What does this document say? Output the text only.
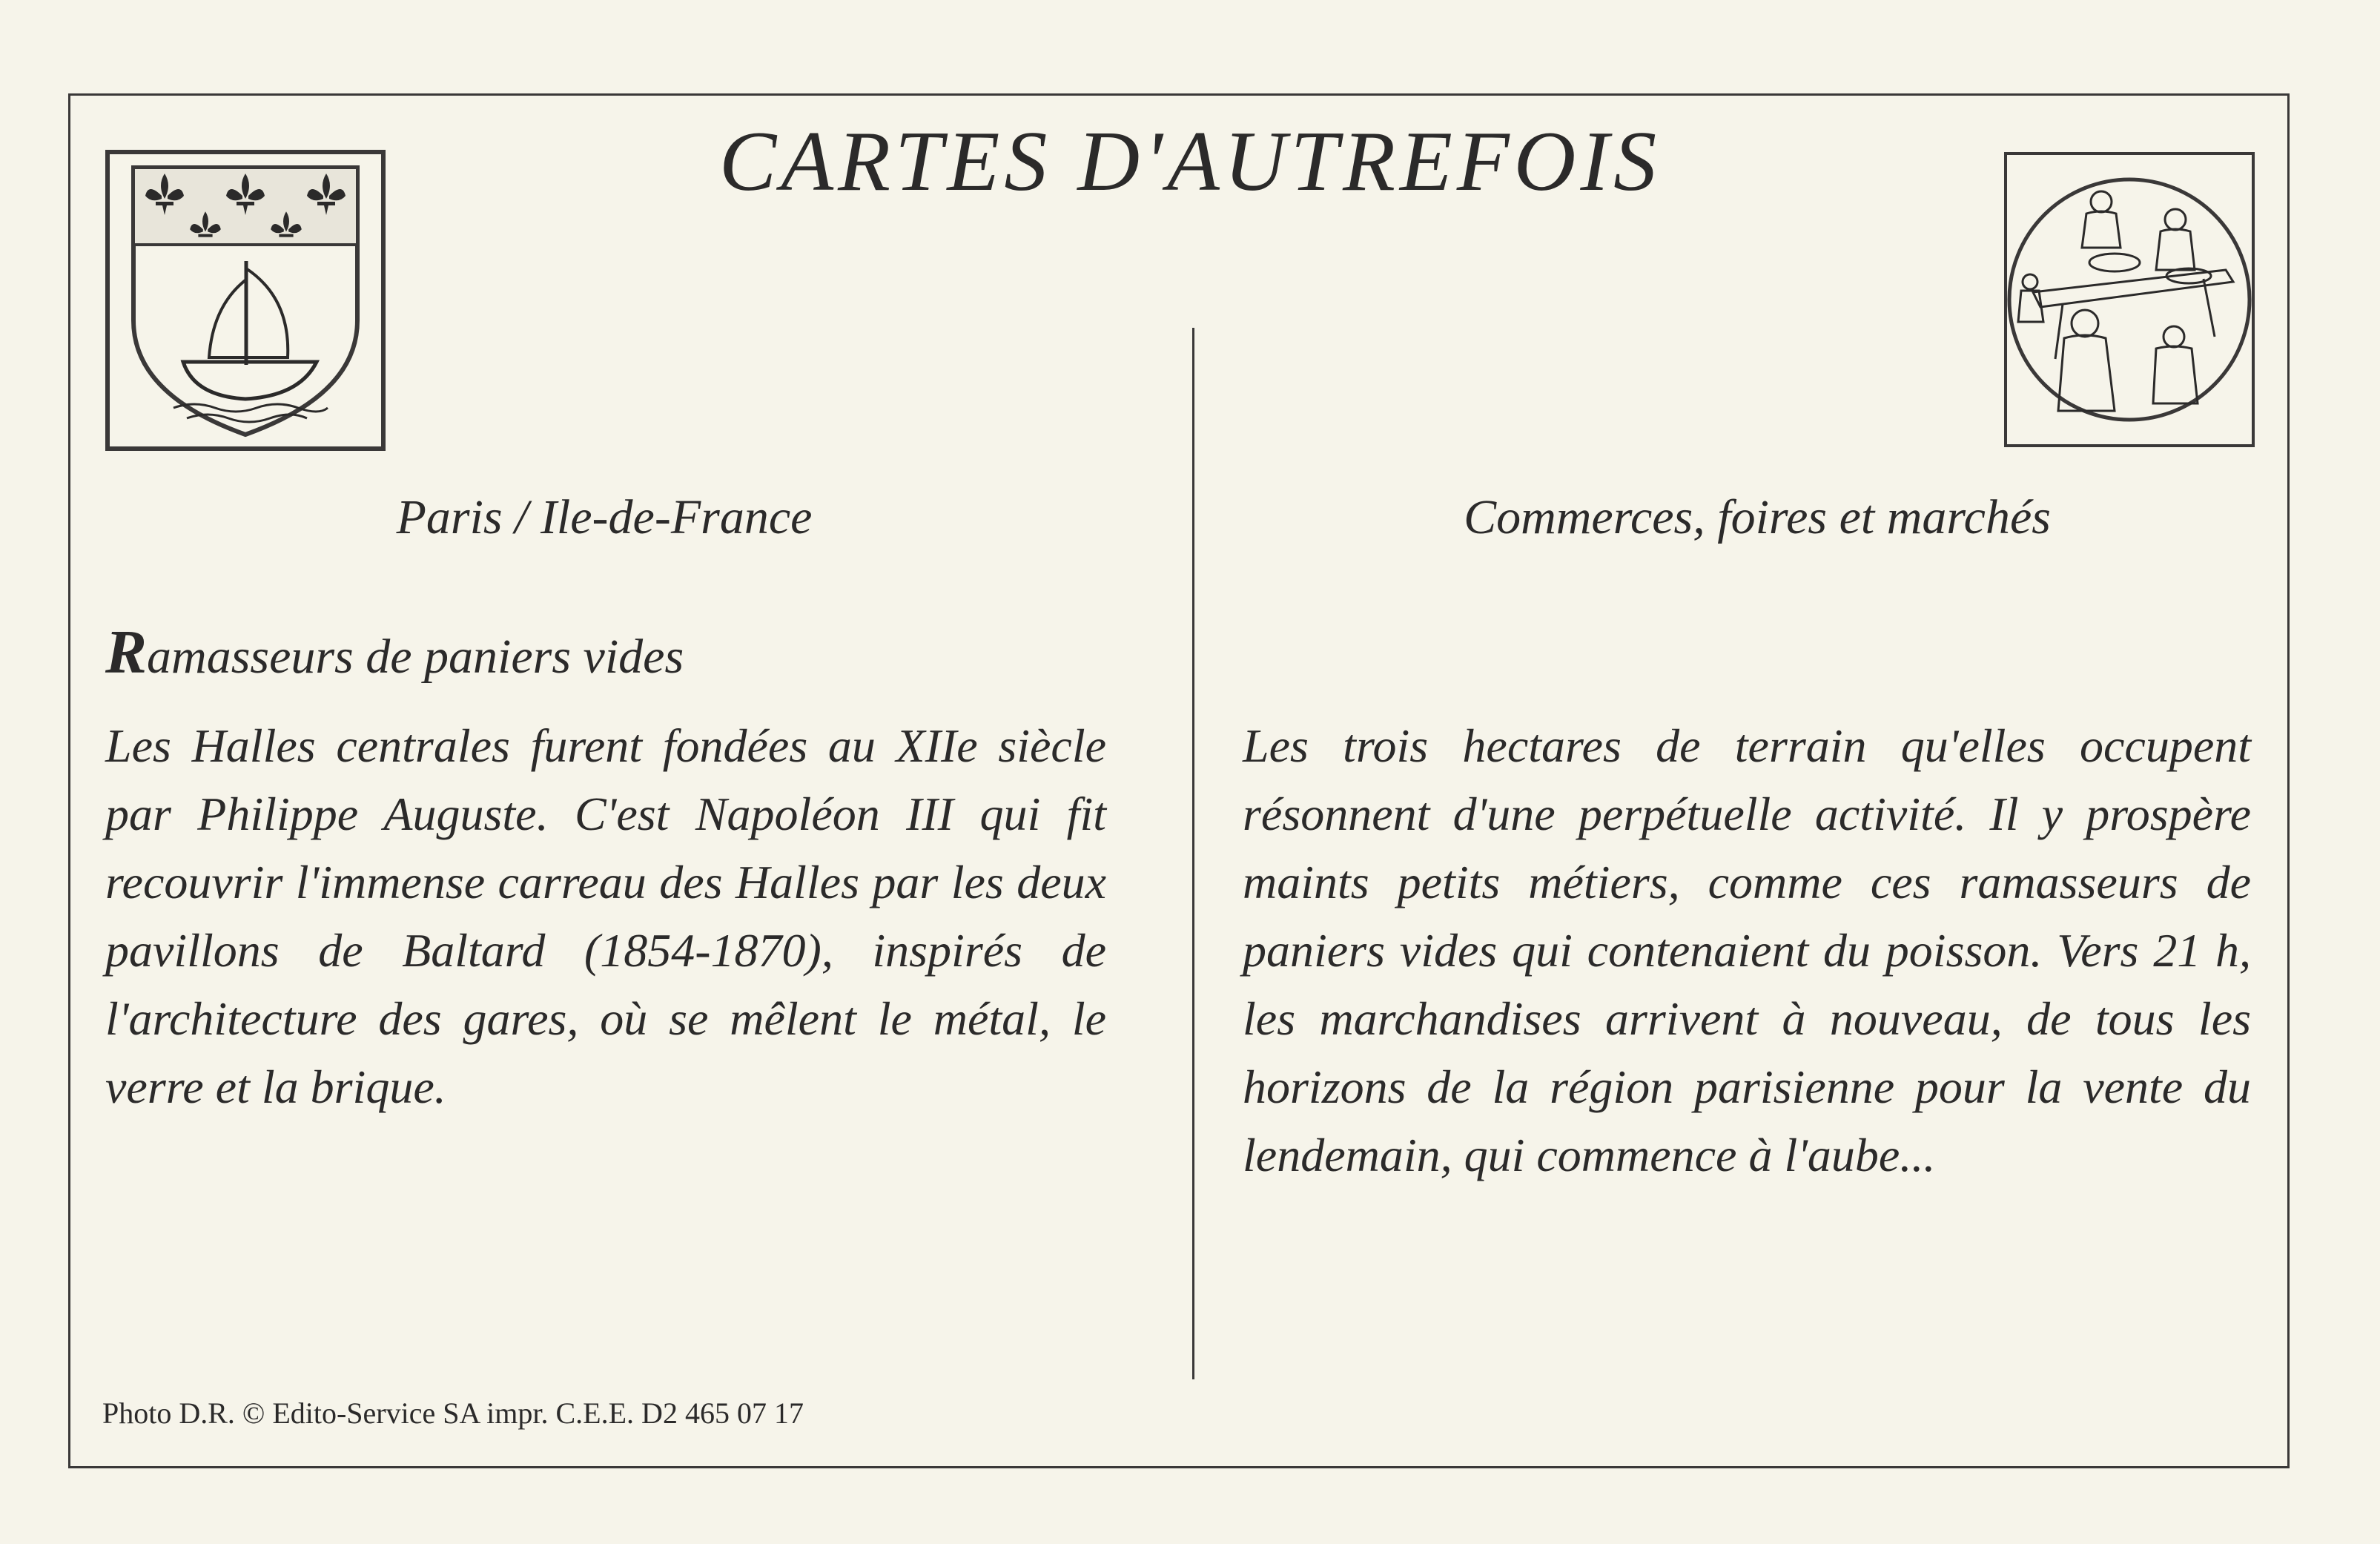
CARTES D'AUTREFOIS
Paris / Ile-de-France	Commerces, foires et marchés
Ramasseurs de paniers vides

Les Halles centrales furent fondées au XIIe siècle par Philippe Auguste. C'est Napoléon III qui fit recouvrir l'immense carreau des Halles par les deux pavillons de Baltard (1854-1870), inspirés de l'architecture des gares, où se mêlent le métal, le verre et la brique.

Les trois hectares de terrain qu'elles occupent résonnent d'une perpétuelle activité. Il y prospère maints petits métiers, comme ces ramasseurs de paniers vides qui contenaient du poisson. Vers 21 h, les marchandises arrivent à nouveau, de tous les horizons de la région parisienne pour la vente du lendemain, qui commence à l'aube...

Photo D.R. © Edito-Service SA impr. C.E.E. D2 465 07 17
